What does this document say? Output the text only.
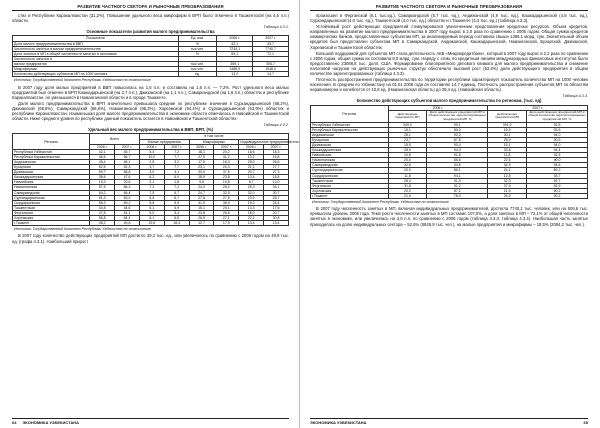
РАЗВИТИЕ ЧАСТНОГО СЕКТОРА И РЫНОЧНЫЕ ПРЕОБРАЗОВАНИЯ

стях и Республике Каракалпакстан (31,2%). Повышение удельного веса микрофирм в ВРП было отмечено в Ташкентской (на 4,6 п.п.) области.

Таблица 4.3.1.
Основные показатели развития малого предпринимательства
Показатели	Ед. изм.	2006 г.	2007 г.
Доля малого предпринимательства в ВВП	%	42,1	45,7
Численность занятых в малом предпринимательстве	тыс.чел.	7234,1	7740,7
Доля занятых в МП в общей численности занятых в экономике	%	69,1	72,1
Численность занятых в			
малом предприятии	тыс.чел.	359,1	306,7
Микрофирмах	тыс.чел.	1488,9	1548,0
Количество действующих субъектов МП на 1000 человек	ед.	13,2	14,7
Источник: Государственный Комитет Республики Узбекистан по статистике

В 2007 году доля малых предприятий в ВВП повысилась на 1,6 п.п. и составила на 1,6 п.п. — 7,2%. Рост удельного веса малых предприятий был отмечен в ВРП Кашкадарьинской (на 2,7 п.п.), Джизакской (на 1,1 п.п.), Самаркандской (на 1,8 п.п.) областях и республике Каракалпакстан, но уменьшился в Наманганской области и в городе Ташкенте.

Доля малого предпринимательства в ВРП значительно превышала средние по республике значения в Сурхандарьинской (68,2%), Джизакской (68,5%), Самаркандской (66,6%), Наманганской (66,3%), Хорезмской (64,4%) и Сурхандарьинской (63,9%) областях и республике Каракалпакстан. Наименьшая доля малого предпринимательства в экономике области отмечалась в Навоийской и Ташкентской области. Ниже среднего уровня по республике данный показатель остается в Навоийской и Ташкентской областях.

Таблица 4.3.2.
Удельный вес малого предпринимательства в ВВП, ВРП, (%)
Регионы	Всего		в том числе					
			Малые предприятия		Микрофирмы		Индивидуальные предприниматели	
	2006 г.	2007 г.	2006 г.	2007 г.	2006 г.	2007 г.	2006 г.	2007 г.
Республика Узбекистан	42,1	45,7	5,4	7,2	18,1	20,2	18,6	18,3
Республика Каракалпакстан	46,6	56,7	10,0	7,7	27,5	31,2	13,2	16,8
Андижанская	45,4	46,1	2,8	3,2	17,5	16,3	25,0	26,6
Бухарская	52,5	52,3	3,7	7,7	23,1	20,0	21,1	27,7
Джизакская	59,7	68,8	3,0	4,1	30,0	37,5	20,7	27,3
Кашкадарьинская	38,6	47,6	6,2	6,9	18,9	23,8	13,4	16,8
Навоийская	19,3	20,6	2,1	2,8	9,5	10,8	6,7	12,0
Наманганская	57,5	66,3	7,2	7,2	24,0	26,0	25,3	34,1
Самаркандская	64,2	66,4	7,5	6,7	24,7	32,0	32,0	30,7
Сурхандарьинская	61,3	63,9	6,6	6,7	27,8	27,5	23,9	28,7
Сырдарьинская	56,3	69,2	5,8	5,9	41,5	38,9	19,0	24,4
Ташкентская	34,5	44,6	5,1	6,9	15,1	20,1	13,3	17,5
Ферганская	47,8	51,1	5,0	5,4	23,8	25,6	18,0	20,7
Хорезмская	56,8	64,4	6,1	6,5	26,5	27,1	22,2	30,8
г.Ташкент	48,2	49,6	19,6	18,3	12,7	17,9	13,4	13,4
Источник: Государственный Комитет Республики Узбекистан по статистике

В 2007 году количество действующих предприятий МП достигло 39,2 тыс. ед., или увеличилось по сравнению с 2006 годом на 49,9 тыс. ед. (графа 4.3.1). Наибольший прирост

64 ЭКОНОМИКА УЗБЕКИСТАНА
РАЗВИТИЕ ЧАСТНОГО СЕКТОРА И РЫНОЧНЫЕ ПРЕОБРАЗОВАНИЯ

произошел в Ферганской (6,1 тыс.ед.), Самаркандской (5,7 тыс. ед.), Андижанской (4,9 тыс. ед.), Кашкадарьинской (4,8 тыс. ед.), Сурхандарьинской (4,0 тыс. ед.), Ташкентской (4,0 тыс. ед.) областях и г.Ташкенте (4,3 тыс. ед.) (таблица 4.3.3).

Устойчивый рост действующих предприятий стимулировался увеличением представления кредитных ресурсов. Объем кредитов, направленных на развитие малого предпринимательства в 2007 году вырос в 2,0 раза по сравнению с 2006 годом. Общая сумма кредитов коммерческих банков, предоставленных субъектам МП, за анализируемый период составила свыше 1396,1 млрд. сум. Значительный объем кредитов был предоставлен субъектам МП в Самаркандской, Андижанской, Кашкадарьинской, Наманганской, Бухарской, Джизакской, Хорезмской и Ташкентской областях.

Большой поддержкой для субъектов МП стала деятельность АКБ «Микрокредитбанк», который в 2007 году вырос в 2,2 раза по сравнению с 2006 годом, общая сумма их составила 8,0 млрд. сум. Наряду с этим, по кредитным линиям международных финансовых институтов было предоставлено 23088,8 тыс. долл. США. Формирование благоприятного делового климата для малого предпринимательства и снижение налоговой нагрузки на действующих рыночных структур обеспечило высокий рост (92,8%) доли действующего предприятия в общем количестве зарегистрированных (таблица 4.3.3).

Плотность распространения предпринимательства по территории республики характеризует показатель количества МП на 1000 человек населения. В среднем по Узбекистану на 01.01.2008 года он составлял 14,7 единиц. Плотность распространения субъектов МП по областям неравномерна и колеблется от 10,8 ед. (Наманганская область) до 28,4 ед. (Навоийская область).

Таблица 4.3.3.
Количество действующих субъектов малого предпринимательства по регионам, (тыс. ед)
Регионы	2006 г.		2007 г.	
	Действующие предприятия МП	Доля действующих предприятий МП в общем количестве зарегистрированных предприятий МП, %	Действующие предприятия МП	Доля действующих предприятий МП в общем количестве зарегистрированных предприятий МП, %
Республика Узбекистан	349,0	90,1	391,9	92,8
Республика Каракалпакстан	15,1	89,0	16,9	93,5
Андижанская	28,1	92,2	30,1	94,0
Бухарская	23,7	87,5	25,9	90,5
Джизакская	15,5	90,4	16,1	94,0
Кашкадарьинская	28,9	94,3	33,8	94,4
Навоийская	10,8	91,6	11,8	92,5
Наманганская	20,0	86,5	22,6	90,0
Самаркандская	32,6	94,6	34,9	94,6
Сурхандарьинская	20,0	86,1	24,1	89,2
Сырдарьинская	11,8	94,1	12,8	93,7
Ташкентская	28,3	91,0	32,3	92,7
Ферганская	31,8	91,2	37,9	92,9
Хорезмская	20,0	87,1	21,6	90,2
г.Ташкент	21,6	78,0	25,9	90,2
Источник: Государственный Комитет Республики Узбекистан по статистике

В 2007 году численность занятых в МП, включая индивидуальных предпринимателей, достигла 7740,1 тыс. человек, или на 506,6 тыс. превысила уровень 2006 года. Темп роста численности занятых в МП составил 107,0%, а доля занятых в МП – 72,1% от общей численности занятых в экономике, или увеличилась на 3,0 п.п. по сравнению с 2006 годом (таблица 4.3.3, таблица 4.3.4). Наибольшая часть занятых приходилась на долю индивидуальных сектора – 52,6% (5848,9 тыс. чел.), на малые предприятия и микрофирмы – 19,5% (2094,2 тыс. чел.).

ЭКОНОМИКА УЗБЕКИСТАНА	65
